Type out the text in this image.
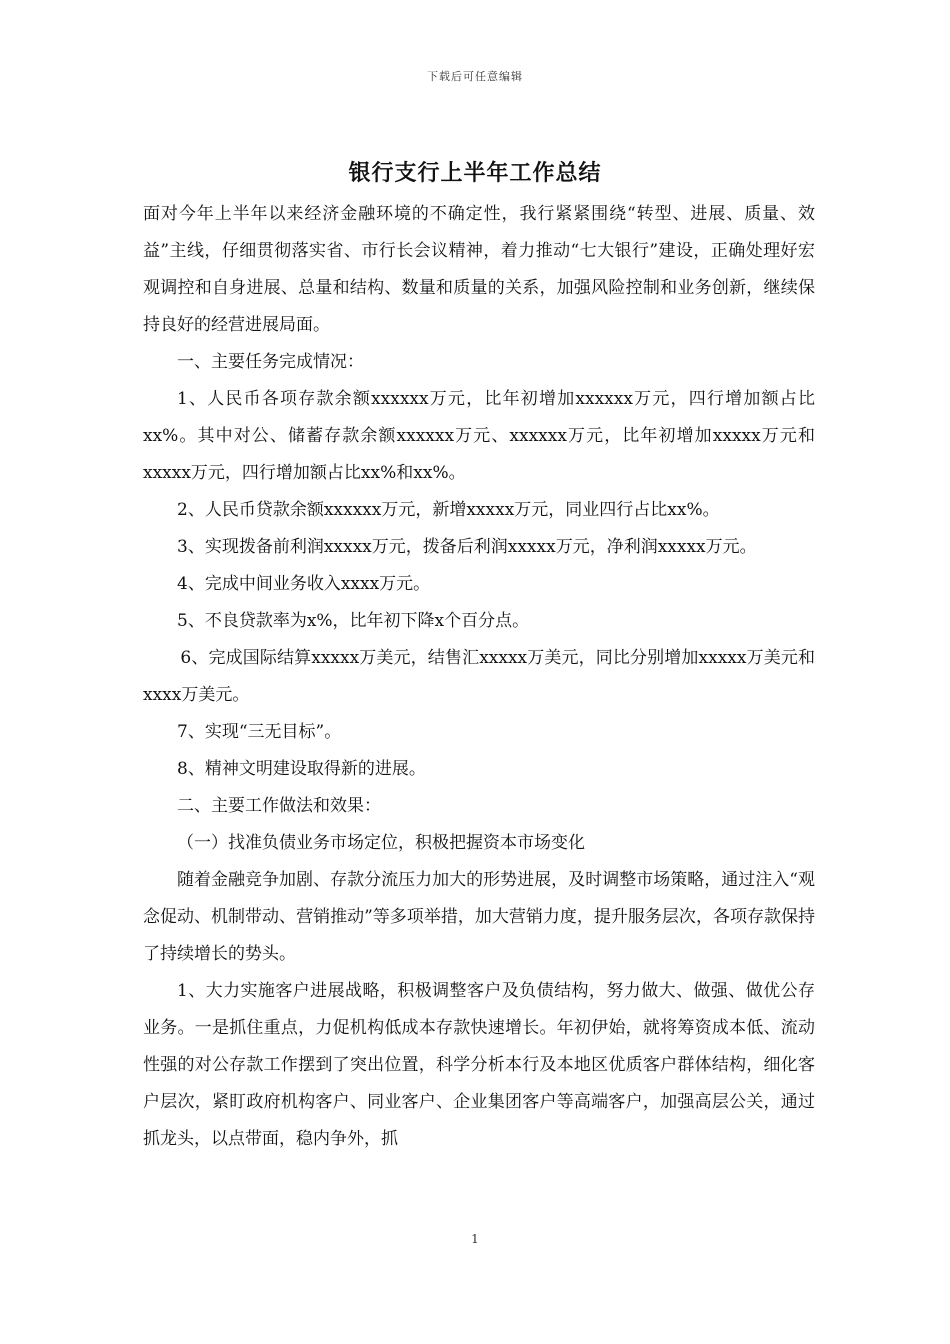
下载后可任意编辑
银行支行上半年工作总结

面对今年上半年以来经济金融环境的不确定性，我行紧紧围绕“转型、进展、质量、效益”主线，仔细贯彻落实省、市行长会议精神，着力推动“七大银行”建设，正确处理好宏观调控和自身进展、总量和结构、数量和质量的关系，加强风险控制和业务创新，继续保持良好的经营进展局面。

一、主要任务完成情况：

1、人民币各项存款余额xxxxxx万元，比年初增加xxxxxx万元，四行增加额占比xx%。其中对公、储蓄存款余额xxxxxx万元、xxxxxx万元，比年初增加xxxxx万元和xxxxx万元，四行增加额占比xx%和xx%。

2、人民币贷款余额xxxxxx万元，新增xxxxx万元，同业四行占比xx%。

3、实现拨备前利润xxxxx万元，拨备后利润xxxxx万元，净利润xxxxx万元。

4、完成中间业务收入xxxx万元。

5、不良贷款率为x%，比年初下降x个百分点。

6、完成国际结算xxxxx万美元，结售汇xxxxx万美元，同比分别增加xxxxx万美元和xxxx万美元。

7、实现“三无目标”。

8、精神文明建设取得新的进展。

二、主要工作做法和效果：

（一）找准负债业务市场定位，积极把握资本市场变化

随着金融竞争加剧、存款分流压力加大的形势进展，及时调整市场策略，通过注入“观念促动、机制带动、营销推动”等多项举措，加大营销力度，提升服务层次，各项存款保持了持续增长的势头。

1、大力实施客户进展战略，积极调整客户及负债结构，努力做大、做强、做优公存业务。一是抓住重点，力促机构低成本存款快速增长。年初伊始，就将筹资成本低、流动性强的对公存款工作摆到了突出位置，科学分析本行及本地区优质客户群体结构，细化客户层次，紧盯政府机构客户、同业客户、企业集团客户等高端客户，加强高层公关，通过抓龙头，以点带面，稳内争外，抓

1
